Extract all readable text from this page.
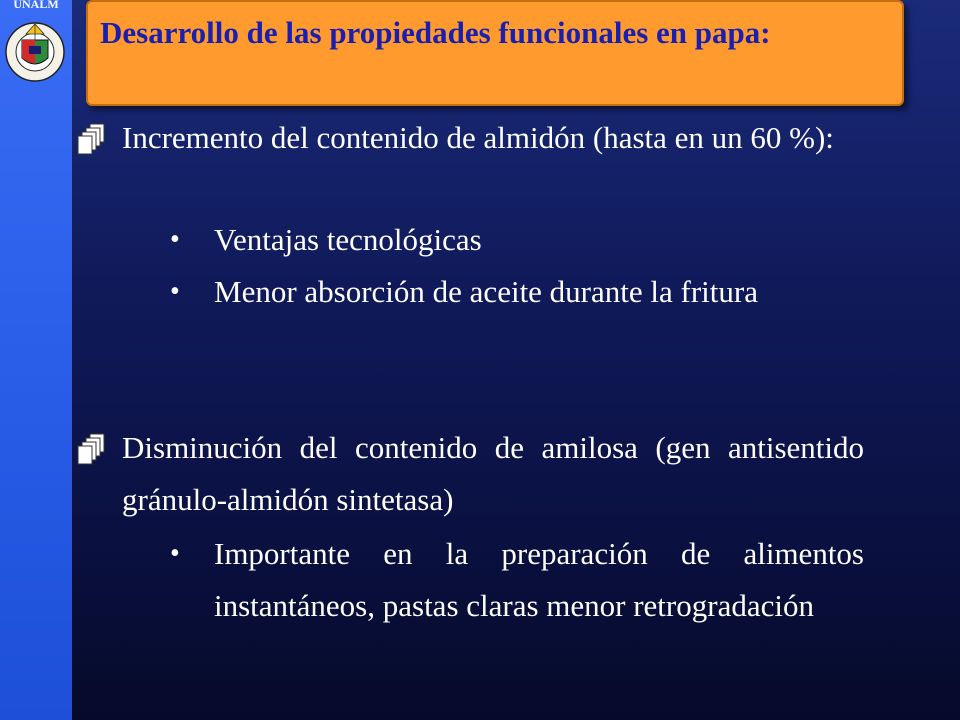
UNALM
Desarrollo de las propiedades funcionales en papa:
Incremento del contenido de almidón (hasta en un 60 %):
• Ventajas tecnológicas
• Menor absorción de aceite durante la fritura
Disminución del contenido de amilosa (gen antisentido gránulo-almidón sintetasa)
• Importante en la preparación de alimentos instantáneos, pastas claras menor retrogradación
